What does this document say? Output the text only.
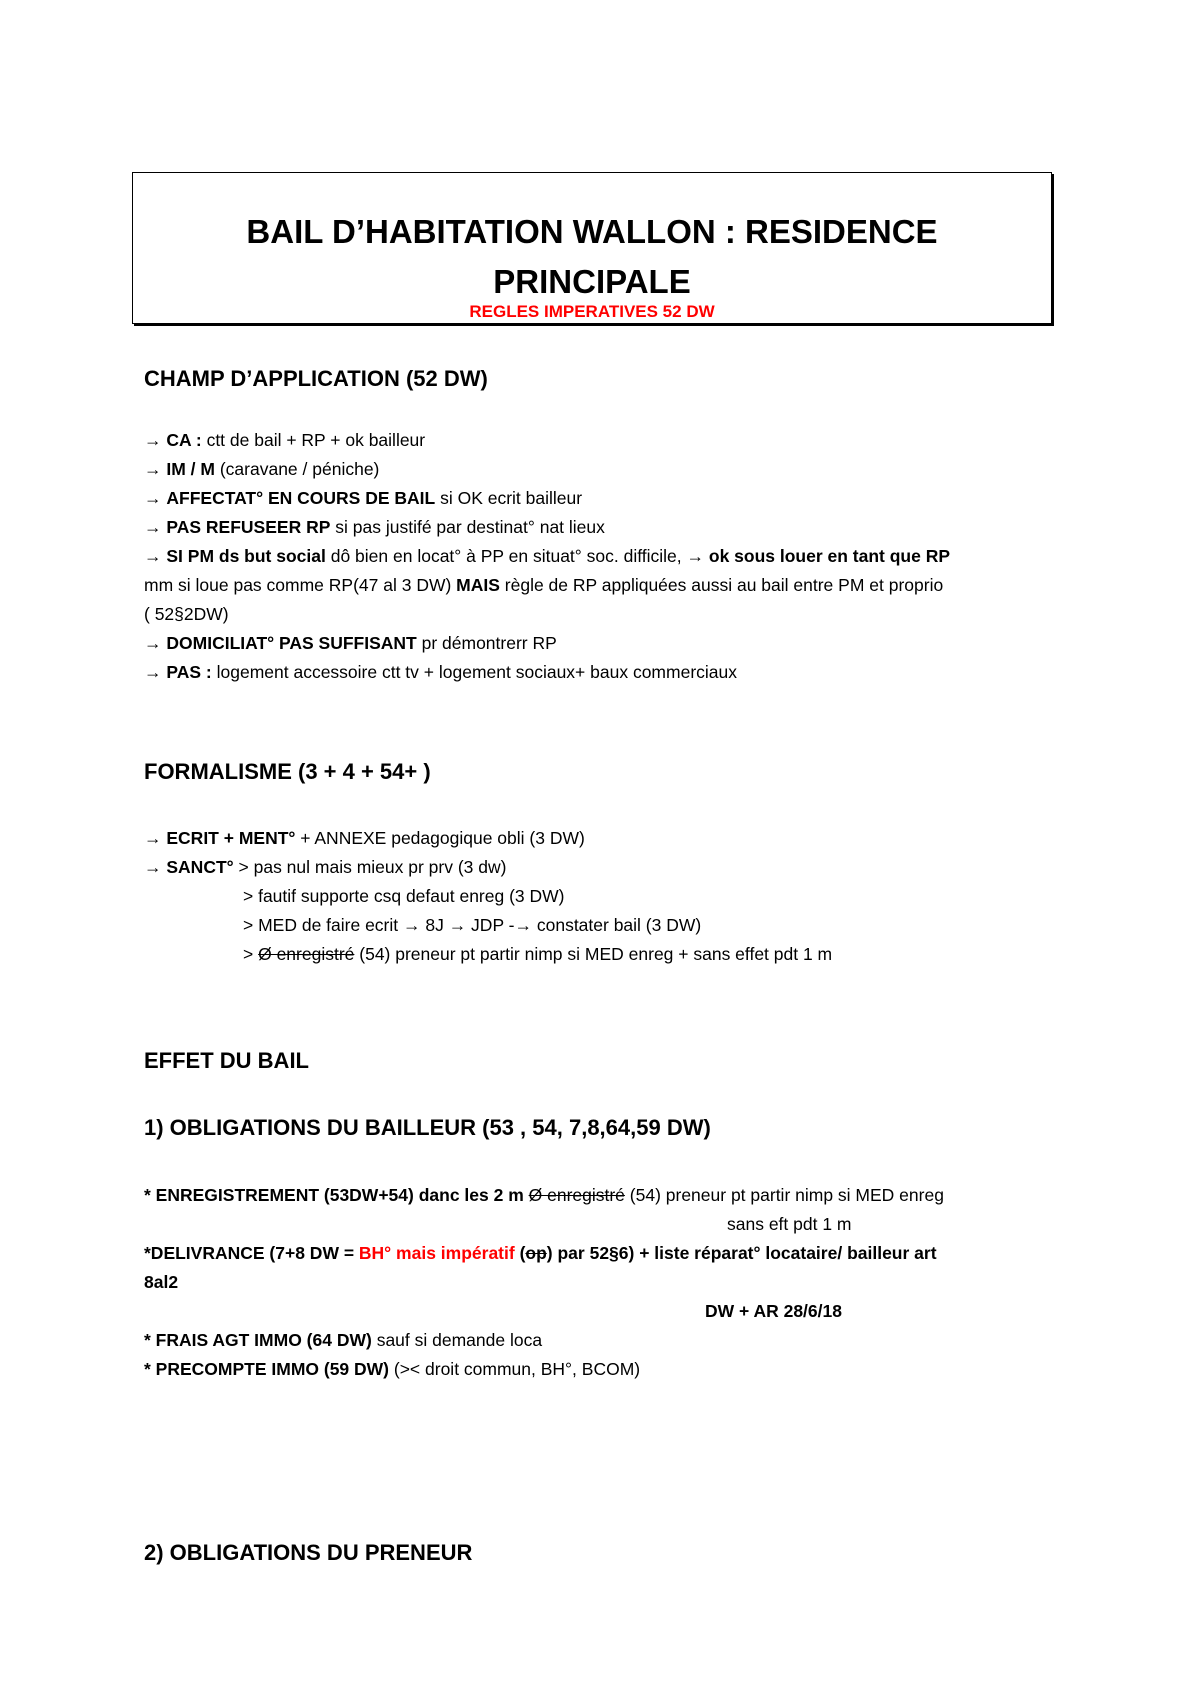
BAIL D’HABITATION WALLON : RESIDENCE
PRINCIPALE

REGLES IMPERATIVES 52 DW

CHAMP D’APPLICATION (52 DW)
FORMALISME (3 + 4 + 54+ )
EFFET DU BAIL
1) OBLIGATIONS DU BAILLEUR (53 , 54, 7,8,64,59 DW)
2) OBLIGATIONS DU PRENEUR

→ CA : ctt de bail + RP + ok bailleur

→ IM / M (caravane / péniche)

→ AFFECTAT° EN COURS DE BAIL si OK ecrit bailleur

→ PAS REFUSEER RP si pas justifé par destinat° nat lieux

→ SI PM ds but social dô bien en locat° à PP en situat° soc. difficile, → ok sous louer en tant que RP

mm si loue pas comme RP(47 al 3 DW) MAIS règle de RP appliquées aussi au bail entre PM et proprio

( 52§2DW)

→ DOMICILIAT° PAS SUFFISANT pr démontrerr RP

→ PAS : logement accessoire ctt tv + logement sociaux+ baux commerciaux

→ ECRIT + MENT° + ANNEXE pedagogique obli (3 DW)

→ SANCT° > pas nul mais mieux pr prv (3 dw)

> fautif supporte csq defaut enreg (3 DW)

> MED de faire ecrit → 8J → JDP -→ constater bail (3 DW)

> Ø enregistré (54) preneur pt partir nimp si MED enreg + sans effet pdt 1 m

* ENREGISTREMENT (53DW+54) danc les 2 m Ø enregistré (54) preneur pt partir nimp si MED enreg

sans eft pdt 1 m

*DELIVRANCE (7+8 DW = BH° mais impératif (op) par 52§6) + liste réparat° locataire/ bailleur art

8al2

DW + AR 28/6/18

* FRAIS AGT IMMO (64 DW) sauf si demande loca

* PRECOMPTE IMMO (59 DW) (>< droit commun, BH°, BCOM)
